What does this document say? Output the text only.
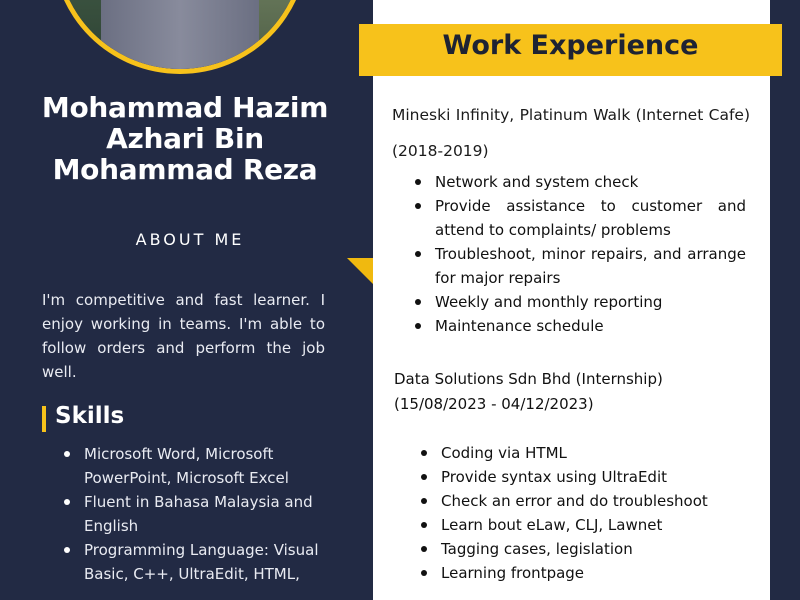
Mohammad Hazim Azhari Bin Mohammad Reza
ABOUT ME

I'm competitive and fast learner. I enjoy working in teams. I'm able to follow orders and perform the job well.

Skills
Microsoft Word, Microsoft PowerPoint, Microsoft Excel
Fluent in Bahasa Malaysia and English
Programming Language: Visual Basic, C++, UltraEdit, HTML,
Work Experience

Mineski Infinity, Platinum Walk (Internet Cafe) (2018-2019)

Network and system check
Provide assistance to customer and attend to complaints/ problems
Troubleshoot, minor repairs, and arrange for major repairs
Weekly and monthly reporting
Maintenance schedule
Data Solutions Sdn Bhd (Internship)
(15/08/2023 - 04/12/2023)
Coding via HTML
Provide syntax using UltraEdit
Check an error and do troubleshoot
Learn bout eLaw, CLJ, Lawnet
Tagging cases, legislation
Learning frontpage
